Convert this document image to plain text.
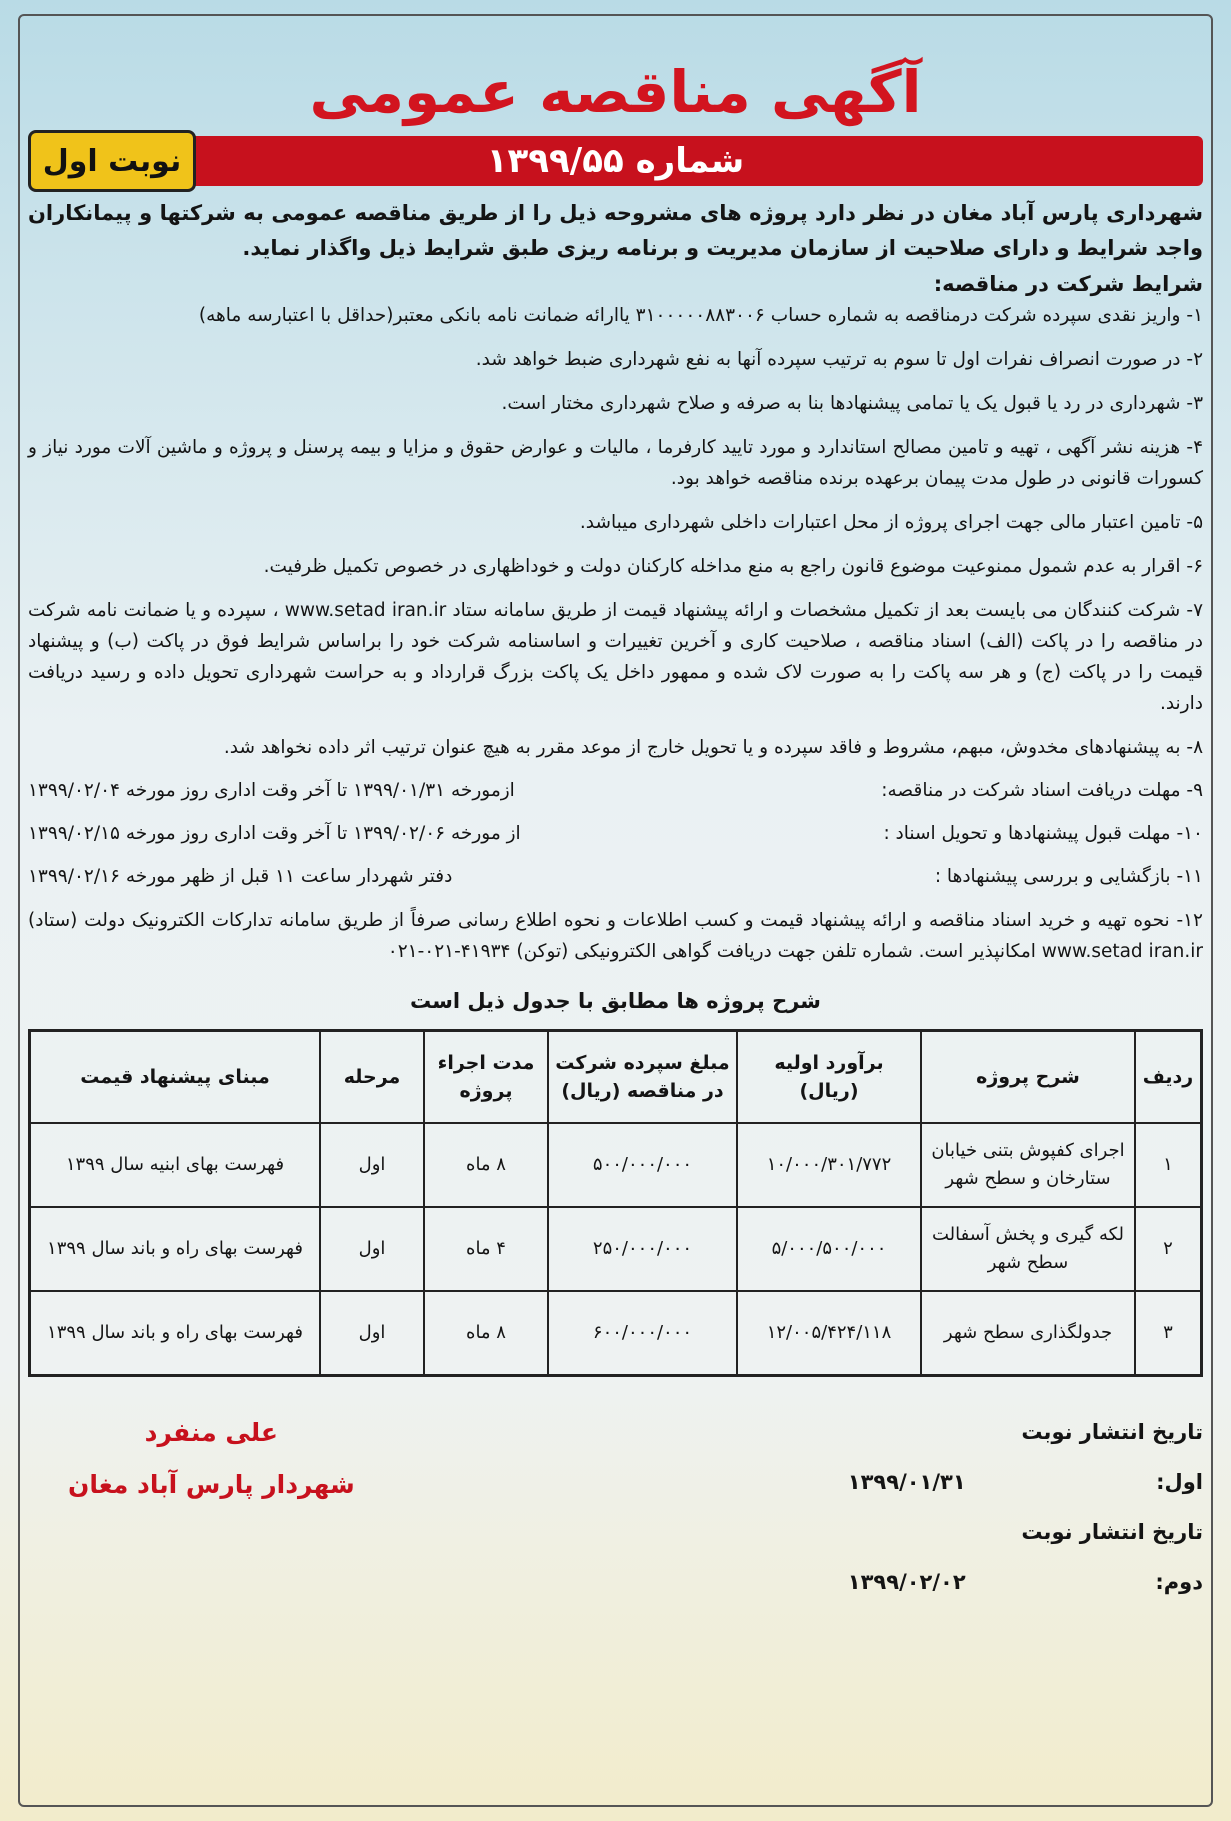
آگهی مناقصه عمومی
شماره ۱۳۹۹/۵۵
نوبت اول
شهرداری پارس آباد مغان در نظر دارد پروژه های مشروحه ذیل را از طریق مناقصه عمومی به شرکتها و پیمانکاران واجد شرایط و دارای صلاحیت از سازمان مدیریت و برنامه ریزی طبق شرایط ذیل واگذار نماید.
شرایط شرکت در مناقصه:
۱- واریز نقدی سپرده شرکت درمناقصه به شماره حساب ۳۱۰۰۰۰۰۸۸۳۰۰۶ یاارائه ضمانت نامه بانکی معتبر(حداقل با اعتبارسه ماهه)
۲- در صورت انصراف نفرات اول تا سوم به ترتیب سپرده آنها به نفع شهرداری ضبط خواهد شد.
۳- شهرداری در رد یا قبول یک یا تمامی پیشنهادها بنا به صرفه و صلاح شهرداری مختار است.
۴- هزینه نشر آگهی ، تهیه و تامین مصالح استاندارد و مورد تایید کارفرما ، مالیات و عوارض حقوق و مزایا و بیمه پرسنل و پروژه و ماشین آلات مورد نیاز و کسورات قانونی در طول مدت پیمان برعهده برنده مناقصه خواهد بود.
۵- تامین اعتبار مالی جهت اجرای پروژه از محل اعتبارات داخلی شهرداری میباشد.
۶- اقرار به عدم شمول ممنوعیت موضوع قانون راجع به منع مداخله کارکنان دولت و خوداظهاری در خصوص تکمیل ظرفیت.
۷- شرکت کنندگان می بایست بعد از تکمیل مشخصات و ارائه پیشنهاد قیمت از طریق سامانه ستاد www.setad iran.ir ، سپرده و یا ضمانت نامه شرکت در مناقصه را در پاکت (الف) اسناد مناقصه ، صلاحیت کاری و آخرین تغییرات و اساسنامه شرکت خود را براساس شرایط فوق در پاکت (ب) و پیشنهاد قیمت را در پاکت (ج) و هر سه پاکت را به صورت لاک شده و ممهور داخل یک پاکت بزرگ قرارداد و به حراست شهرداری تحویل داده و رسید دریافت دارند.
۸- به پیشنهادهای مخدوش، مبهم، مشروط و فاقد سپرده و یا تحویل خارج از موعد مقرر به هیچ عنوان ترتیب اثر داده نخواهد شد.
۹- مهلت دریافت اسناد شرکت در مناقصه:
ازمورخه ۱۳۹۹/۰۱/۳۱ تا آخر وقت اداری روز مورخه ۱۳۹۹/۰۲/۰۴
۱۰- مهلت قبول پیشنهادها و تحویل اسناد :
از مورخه ۱۳۹۹/۰۲/۰۶ تا آخر وقت اداری روز مورخه ۱۳۹۹/۰۲/۱۵
۱۱- بازگشایی و بررسی پیشنهادها :
دفتر شهردار ساعت ۱۱ قبل از ظهر مورخه ۱۳۹۹/۰۲/۱۶
۱۲- نحوه تهیه و خرید اسناد مناقصه و ارائه پیشنهاد قیمت و کسب اطلاعات و نحوه اطلاع رسانی صرفاً از طریق سامانه تدارکات الکترونیک دولت (ستاد) www.setad iran.ir امکانپذیر است. شماره تلفن جهت دریافت گواهی الکترونیکی (توکن) ۴۱۹۳۴-۰۲۱-۰۲۱
شرح پروژه ها مطابق با جدول ذیل است
ردیف	شرح پروژه	برآورد اولیه (ریال)	مبلغ سپرده شرکت در مناقصه (ریال)	مدت اجراء پروژه	مرحله	مبنای پیشنهاد قیمت
۱	اجرای کفپوش بتنی خیابان ستارخان و سطح شهر	۱۰/۰۰۰/۳۰۱/۷۷۲	۵۰۰/۰۰۰/۰۰۰	۸ ماه	اول	فهرست بهای ابنیه سال ۱۳۹۹
۲	لکه گیری و پخش آسفالت سطح شهر	۵/۰۰۰/۵۰۰/۰۰۰	۲۵۰/۰۰۰/۰۰۰	۴ ماه	اول	فهرست بهای راه و باند سال ۱۳۹۹
۳	جدولگذاری سطح شهر	۱۲/۰۰۵/۴۲۴/۱۱۸	۶۰۰/۰۰۰/۰۰۰	۸ ماه	اول	فهرست بهای راه و باند سال ۱۳۹۹
تاریخ انتشار نوبت اول: ۱۳۹۹/۰۱/۳۱
تاریخ انتشار نوبت دوم: ۱۳۹۹/۰۲/۰۲
علی منفرد
شهردار پارس آباد مغان
